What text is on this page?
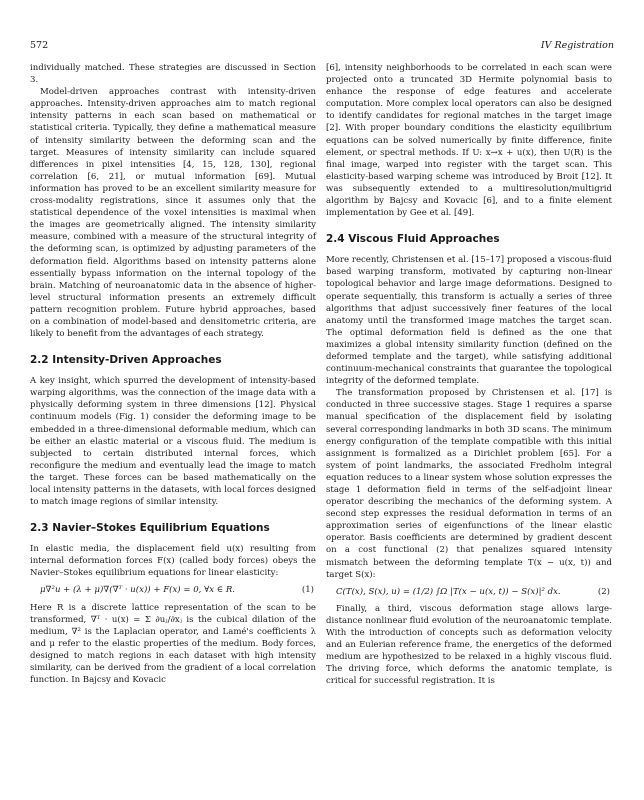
572	IV Registration

individually matched. These strategies are discussed in Section 3.

Model-driven approaches contrast with intensity-driven approaches. Intensity-driven approaches aim to match regional intensity patterns in each scan based on mathematical or statistical criteria. Typically, they define a mathematical measure of intensity similarity between the deforming scan and the target. Measures of intensity similarity can include squared differences in pixel intensities [4, 15, 128, 130], regional correlation [6, 21], or mutual information [69]. Mutual information has proved to be an excellent similarity measure for cross-modality registrations, since it assumes only that the statistical dependence of the voxel intensities is maximal when the images are geometrically aligned. The intensity similarity measure, combined with a measure of the structural integrity of the deforming scan, is optimized by adjusting parameters of the deformation field. Algorithms based on intensity patterns alone essentially bypass information on the internal topology of the brain. Matching of neuroanatomic data in the absence of higher-level structural information presents an extremely difficult pattern recognition problem. Future hybrid approaches, based on a combination of model-based and densitometric criteria, are likely to benefit from the advantages of each strategy.

2.2 Intensity-Driven Approaches

A key insight, which spurred the development of intensity-based warping algorithms, was the connection of the image data with a physically deforming system in three dimensions [12]. Physical continuum models (Fig. 1) consider the deforming image to be embedded in a three-dimensional deformable medium, which can be either an elastic material or a viscous fluid. The medium is subjected to certain distributed internal forces, which reconfigure the medium and eventually lead the image to match the target. These forces can be based mathematically on the local intensity patterns in the datasets, with local forces designed to match image regions of similar intensity.

2.3 Navier–Stokes Equilibrium Equations

In elastic media, the displacement field u(x) resulting from internal deformation forces F(x) (called body forces) obeys the Navier–Stokes equilibrium equations for linear elasticity:

μ∇²u + (λ + μ)∇(∇ᵀ · u(x)) + F(x) = 0, ∀x ∈ R.	(1)

Here R is a discrete lattice representation of the scan to be transformed, ∇ᵀ · u(x) = Σ ∂uⱼ/∂xⱼ is the cubical dilation of the medium, ∇² is the Laplacian operator, and Lamé's coefficients λ and μ refer to the elastic properties of the medium. Body forces, designed to match regions in each dataset with high intensity similarity, can be derived from the gradient of a local correlation function. In Bajcsy and Kovacic

[6], intensity neighborhoods to be correlated in each scan were projected onto a truncated 3D Hermite polynomial basis to enhance the response of edge features and accelerate computation. More complex local operators can also be designed to identify candidates for regional matches in the target image [2]. With proper boundary conditions the elasticity equilibrium equations can be solved numerically by finite difference, finite element, or spectral methods. If U: x→x + u(x), then U(R) is the final image, warped into register with the target scan. This elasticity-based warping scheme was introduced by Broit [12]. It was subsequently extended to a multiresolution/multigrid algorithm by Bajcsy and Kovacic [6], and to a finite element implementation by Gee et al. [49].

2.4 Viscous Fluid Approaches

More recently, Christensen et al. [15–17] proposed a viscous-fluid based warping transform, motivated by capturing non-linear topological behavior and large image deformations. Designed to operate sequentially, this transform is actually a series of three algorithms that adjust successively finer features of the local anatomy until the transformed image matches the target scan. The optimal deformation field is defined as the one that maximizes a global intensity similarity function (defined on the deformed template and the target), while satisfying additional continuum-mechanical constraints that guarantee the topological integrity of the deformed template.

The transformation proposed by Christensen et al. [17] is conducted in three successive stages. Stage 1 requires a sparse manual specification of the displacement field by isolating several corresponding landmarks in both 3D scans. The minimum energy configuration of the template compatible with this initial assignment is formalized as a Dirichlet problem [65]. For a system of point landmarks, the associated Fredholm integral equation reduces to a linear system whose solution expresses the stage 1 deformation field in terms of the self-adjoint linear operator describing the mechanics of the deforming system. A second step expresses the residual deformation in terms of an approximation series of eigenfunctions of the linear elastic operator. Basis coefficients are determined by gradient descent on a cost functional (2) that penalizes squared intensity mismatch between the deforming template T(x − u(x, t)) and target S(x):

C(T(x), S(x), u) = (1/2) ∫Ω |T(x − u(x, t)) − S(x)|² dx.	(2)

Finally, a third, viscous deformation stage allows large-distance nonlinear fluid evolution of the neuroanatomic template. With the introduction of concepts such as deformation velocity and an Eulerian reference frame, the energetics of the deformed medium are hypothesized to be relaxed in a highly viscous fluid. The driving force, which deforms the anatomic template, is critical for successful registration. It is
